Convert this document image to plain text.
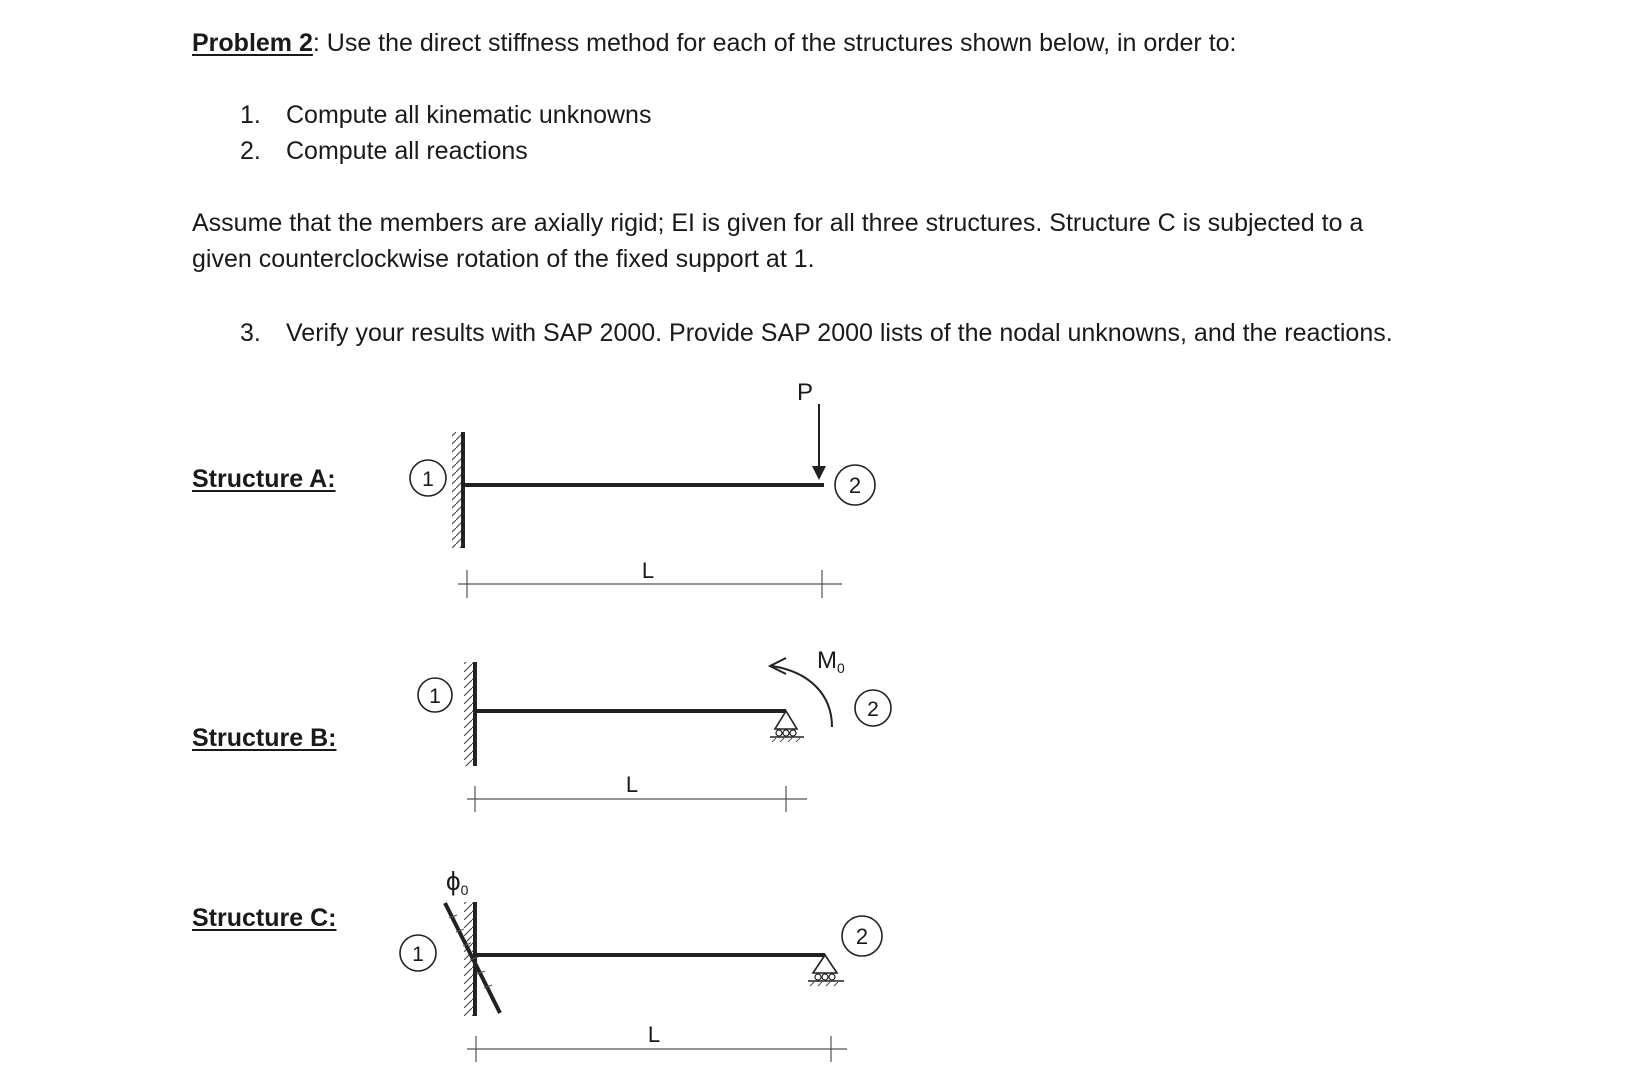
Problem 2: Use the direct stiffness method for each of the structures shown below, in order to:
1. Compute all kinematic unknowns
2. Compute all reactions
Assume that the members are axially rigid; EI is given for all three structures. Structure C is subjected to a
given counterclockwise rotation of the fixed support at 1.
3. Verify your results with SAP 2000. Provide SAP 2000 lists of the nodal unknowns, and the reactions.
Structure A:
Structure B:
Structure C:
1	2
P
L
1
2
$M_0$
L
1
2
ϕ0
L
